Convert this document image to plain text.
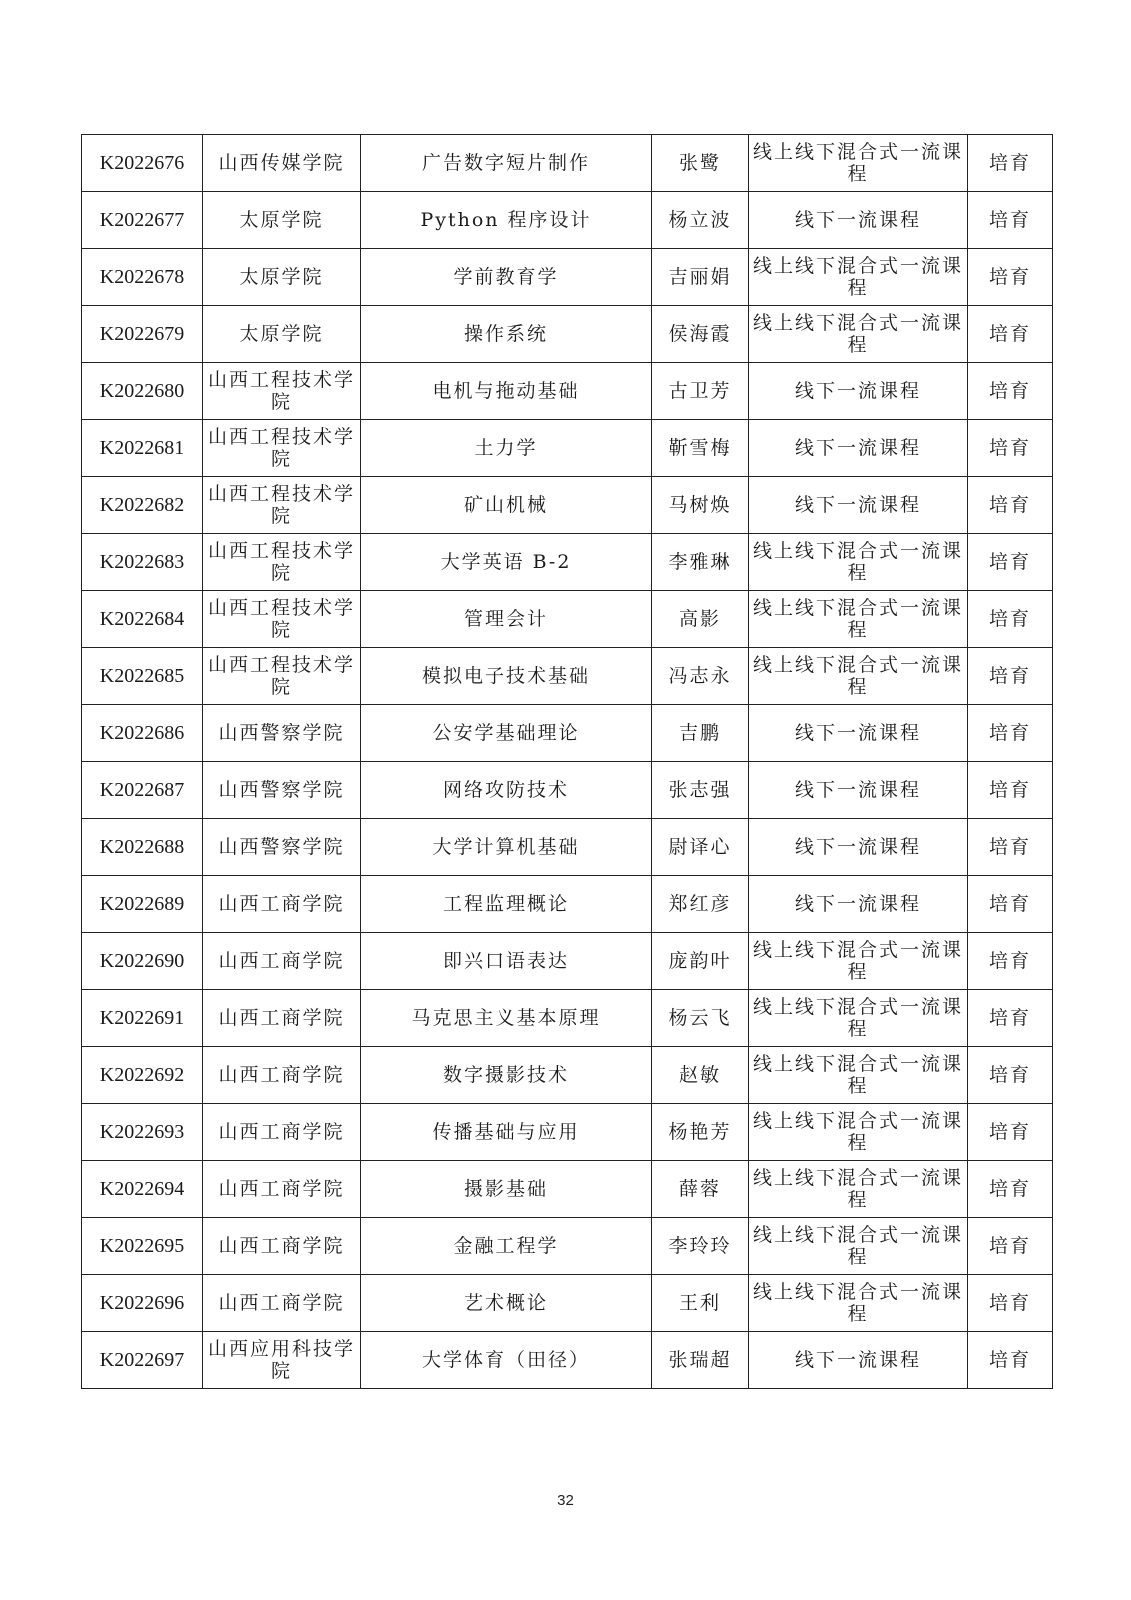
K2022676	山西传媒学院	广告数字短片制作	张鹭	线上线下混合式一流课程	培育
K2022677	太原学院	Python 程序设计	杨立波	线下一流课程	培育
K2022678	太原学院	学前教育学	吉丽娟	线上线下混合式一流课程	培育
K2022679	太原学院	操作系统	侯海霞	线上线下混合式一流课程	培育
K2022680	山西工程技术学院	电机与拖动基础	古卫芳	线下一流课程	培育
K2022681	山西工程技术学院	土力学	靳雪梅	线下一流课程	培育
K2022682	山西工程技术学院	矿山机械	马树焕	线下一流课程	培育
K2022683	山西工程技术学院	大学英语 B-2	李雅琳	线上线下混合式一流课程	培育
K2022684	山西工程技术学院	管理会计	高影	线上线下混合式一流课程	培育
K2022685	山西工程技术学院	模拟电子技术基础	冯志永	线上线下混合式一流课程	培育
K2022686	山西警察学院	公安学基础理论	吉鹏	线下一流课程	培育
K2022687	山西警察学院	网络攻防技术	张志强	线下一流课程	培育
K2022688	山西警察学院	大学计算机基础	尉译心	线下一流课程	培育
K2022689	山西工商学院	工程监理概论	郑红彦	线下一流课程	培育
K2022690	山西工商学院	即兴口语表达	庞韵叶	线上线下混合式一流课程	培育
K2022691	山西工商学院	马克思主义基本原理	杨云飞	线上线下混合式一流课程	培育
K2022692	山西工商学院	数字摄影技术	赵敏	线上线下混合式一流课程	培育
K2022693	山西工商学院	传播基础与应用	杨艳芳	线上线下混合式一流课程	培育
K2022694	山西工商学院	摄影基础	薛蓉	线上线下混合式一流课程	培育
K2022695	山西工商学院	金融工程学	李玲玲	线上线下混合式一流课程	培育
K2022696	山西工商学院	艺术概论	王利	线上线下混合式一流课程	培育
K2022697	山西应用科技学院	大学体育（田径）	张瑞超	线下一流课程	培育
32
